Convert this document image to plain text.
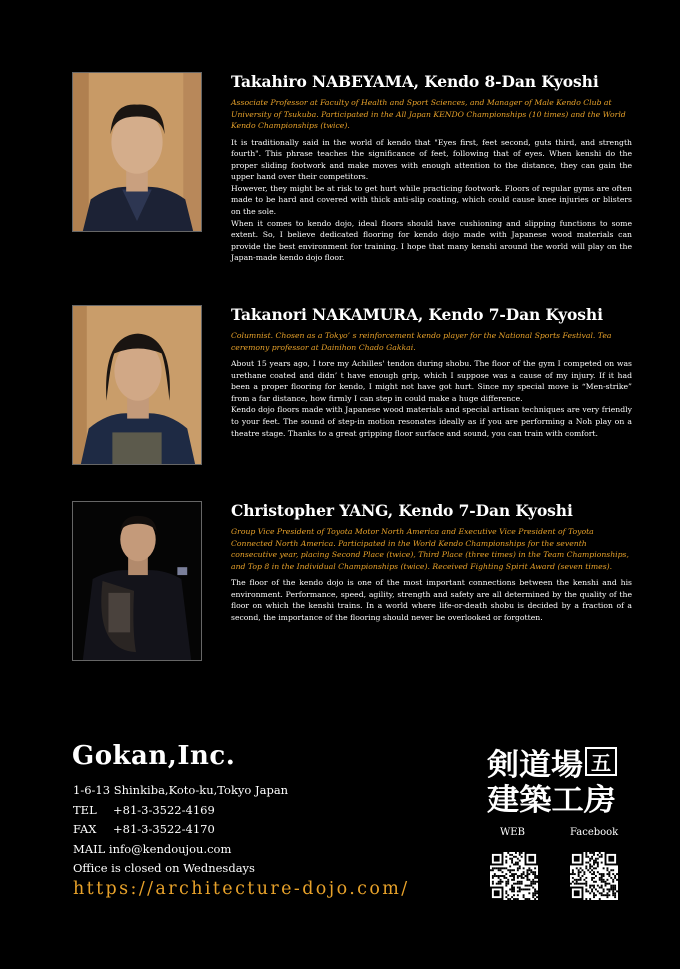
Takahiro NABEYAMA, Kendo 8-Dan Kyoshi
Associate Professor at Faculty of Health and Sport Sciences, and Manager of Male Kendo Club at University of Tsukuba. Participated in the All Japan KENDO Championships (10 times) and the World Kendo Championships (twice).

It is traditionally said in the world of kendo that "Eyes first, feet second, guts third, and strength fourth". This phrase teaches the significance of feet, following that of eyes. When kenshi do the proper sliding footwork and make moves with enough attention to the distance, they can gain the upper hand over their competitors.

However, they might be at risk to get hurt while practicing footwork. Floors of regular gyms are often made to be hard and covered with thick anti-slip coating, which could cause knee injuries or blisters on the sole.

When it comes to kendo dojo, ideal floors should have cushioning and slipping functions to some extent. So, I believe dedicated flooring for kendo dojo made with Japanese wood materials can provide the best environment for training. I hope that many kenshi around the world will play on the Japan-made kendo dojo floor.

Takanori NAKAMURA, Kendo 7-Dan Kyoshi
Columnist. Chosen as a Tokyo’ s reinforcement kendo player for the National Sports Festival. Tea ceremony professor at Dainihon Chado Gakkai.

About 15 years ago, I tore my Achilles' tendon during shobu. The floor of the gym I competed on was urethane coated and didn’ t have enough grip, which I suppose was a cause of my injury. If it had been a proper flooring for kendo, I might not have got hurt. Since my special move is “Men-strike” from a far distance, how firmly I can step in could make a huge difference.

Kendo dojo floors made with Japanese wood materials and special artisan techniques are very friendly to your feet. The sound of step-in motion resonates ideally as if you are performing a Noh play on a theatre stage. Thanks to a great gripping floor surface and sound, you can train with comfort.

Christopher YANG, Kendo 7-Dan Kyoshi
Group Vice President of Toyota Motor North America and Executive Vice President of Toyota Connected North America. Participated in the World Kendo Championships for the seventh consecutive year, placing Second Place (twice), Third Place (three times) in the Team Championships, and Top 8 in the Individual Championships (twice). Received Fighting Spirit Award (seven times).

The floor of the kendo dojo is one of the most important connections between the kenshi and his environment. Performance, speed, agility, strength and safety are all determined by the quality of the floor on which the kenshi trains. In a world where life-or-death shobu is decided by a fraction of a second, the importance of the flooring should never be overlooked or forgotten.

Gokan,Inc.
1-6-13 Shinkiba,Koto-ku,Tokyo Japan
TEL +81-3-3522-4169
FAX +81-3-3522-4170
MAIL info@kendoujou.com
Office is closed on Wednesdays
https://architecture-dojo.com/
剣道場 五
建築工房
WEB	Facebook
